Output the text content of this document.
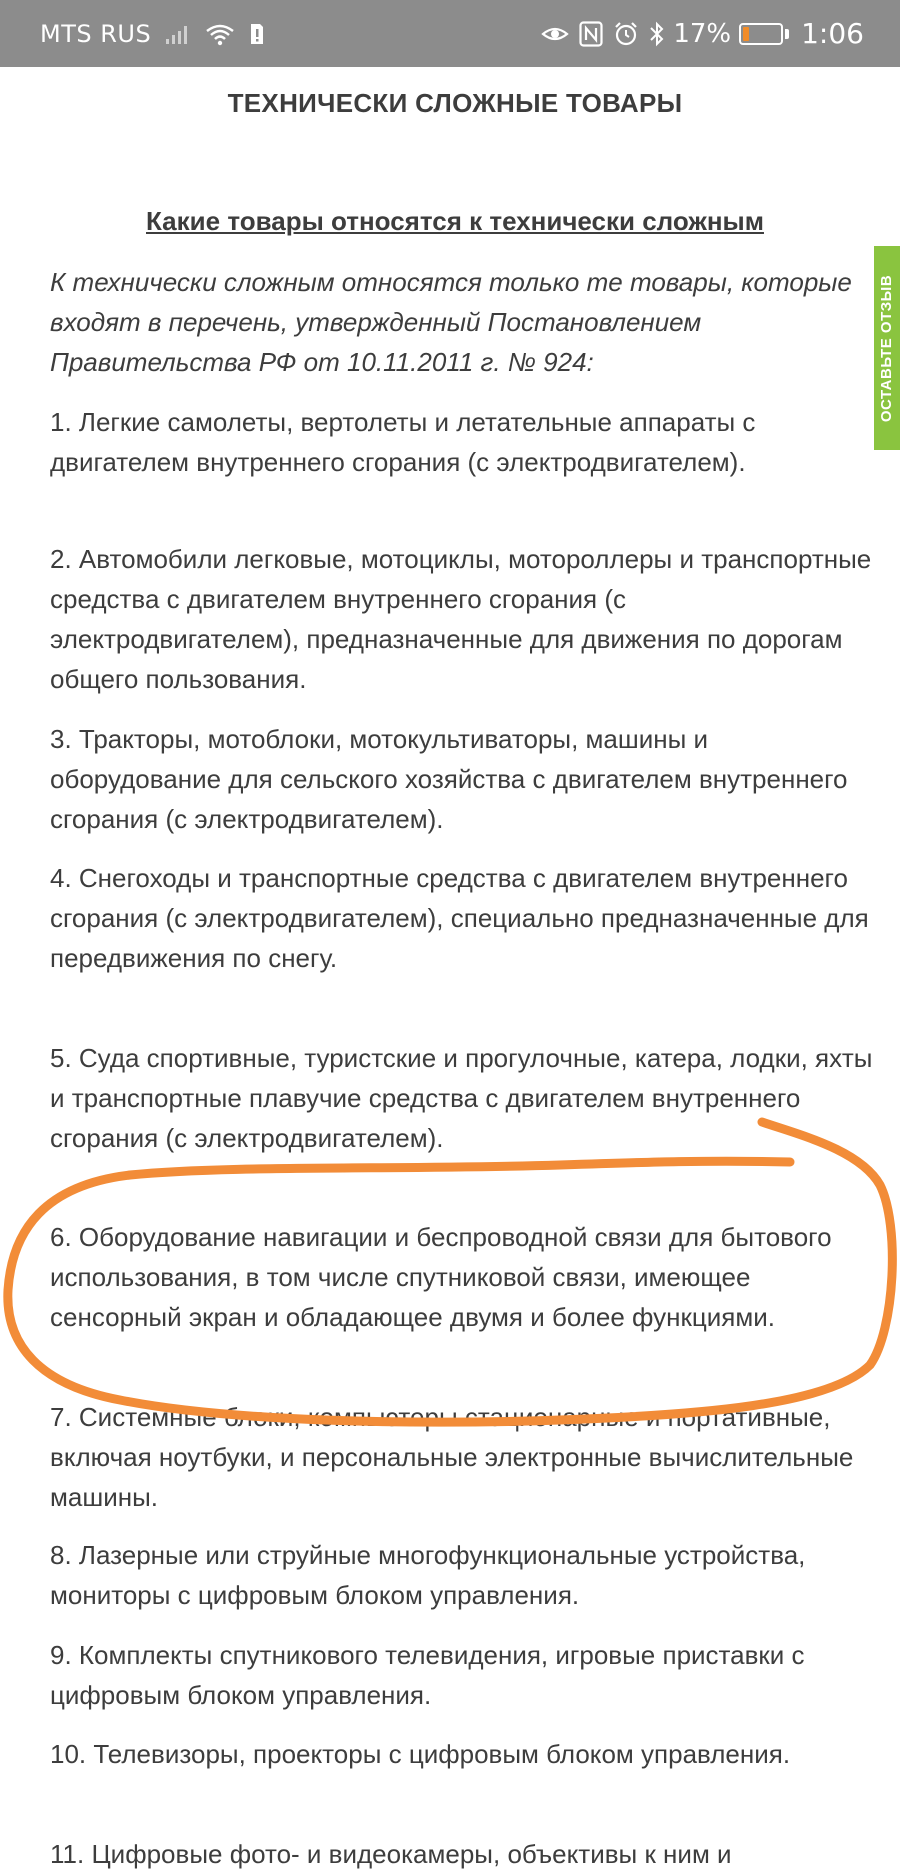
MTS RUS	17%	1:06
ТЕХНИЧЕСКИ СЛОЖНЫЕ ТОВАРЫ
Какие товары относятся к технически сложным
К технически сложным относятся только те товары, которые входят в перечень, утвержденный Постановлением Правительства РФ от 10.11.2011 г. № 924:
1. Легкие самолеты, вертолеты и летательные аппараты с двигателем внутреннего сгорания (с электродвигателем).
2. Автомобили легковые, мотоциклы, мотороллеры и транспортные средства с двигателем внутреннего сгорания (с электродвигателем), предназначенные для движения по дорогам общего пользования.
3. Тракторы, мотоблоки, мотокультиваторы, машины и оборудование для сельского хозяйства с двигателем внутреннего сгорания (с электродвигателем).
4. Снегоходы и транспортные средства с двигателем внутреннего сгорания (с электродвигателем), специально предназначенные для передвижения по снегу.
5. Суда спортивные, туристские и прогулочные, катера, лодки, яхты и транспортные плавучие средства с двигателем внутреннего сгорания (с электродвигателем).
6. Оборудование навигации и беспроводной связи для бытового использования, в том числе спутниковой связи, имеющее сенсорный экран и обладающее двумя и более функциями.
7. Системные блоки, компьютеры стационарные и портативные, включая ноутбуки, и персональные электронные вычислительные машины.
8. Лазерные или струйные многофункциональные устройства, мониторы с цифровым блоком управления.
9. Комплекты спутникового телевидения, игровые приставки с цифровым блоком управления.
10. Телевизоры, проекторы с цифровым блоком управления.
11. Цифровые фото- и видеокамеры, объективы к ним и
ОСТАВЬТЕ ОТЗЫВ
